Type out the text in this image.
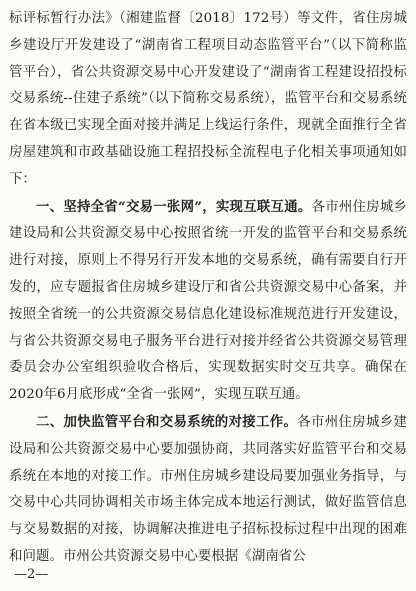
标评标暂行办法》（湘建监督〔2018〕172号）等文件，省住房城乡建设厅开发建设了“湖南省工程项目动态监管平台”（以下简称监管平台），省公共资源交易中心开发建设了“湖南省工程建设招投标交易系统--住建子系统”（以下简称交易系统），监管平台和交易系统在省本级已实现全面对接并满足上线运行条件，现就全面推行全省房屋建筑和市政基础设施工程招投标全流程电子化相关事项通知如下：

一、坚持全省“交易一张网”，实现互联互通。各市州住房城乡建设局和公共资源交易中心按照省统一开发的监管平台和交易系统进行对接，原则上不得另行开发本地的交易系统，确有需要自行开发的，应专题报省住房城乡建设厅和省公共资源交易中心备案，并按照全省统一的公共资源交易信息化建设标准规范进行开发建设，与省公共资源交易电子服务平台进行对接并经省公共资源交易管理委员会办公室组织验收合格后，实现数据实时交互共享。确保在2020年6月底形成“全省一张网”，实现互联互通。

二、加快监管平台和交易系统的对接工作。各市州住房城乡建设局和公共资源交易中心要加强协商，共同落实好监管平台和交易系统在本地的对接工作。市州住房城乡建设局要加强业务指导，与交易中心共同协调相关市场主体完成本地运行测试，做好监管信息与交易数据的对接，协调解决推进电子招标投标过程中出现的困难和问题。市州公共资源交易中心要根据《湖南省公

—2—
